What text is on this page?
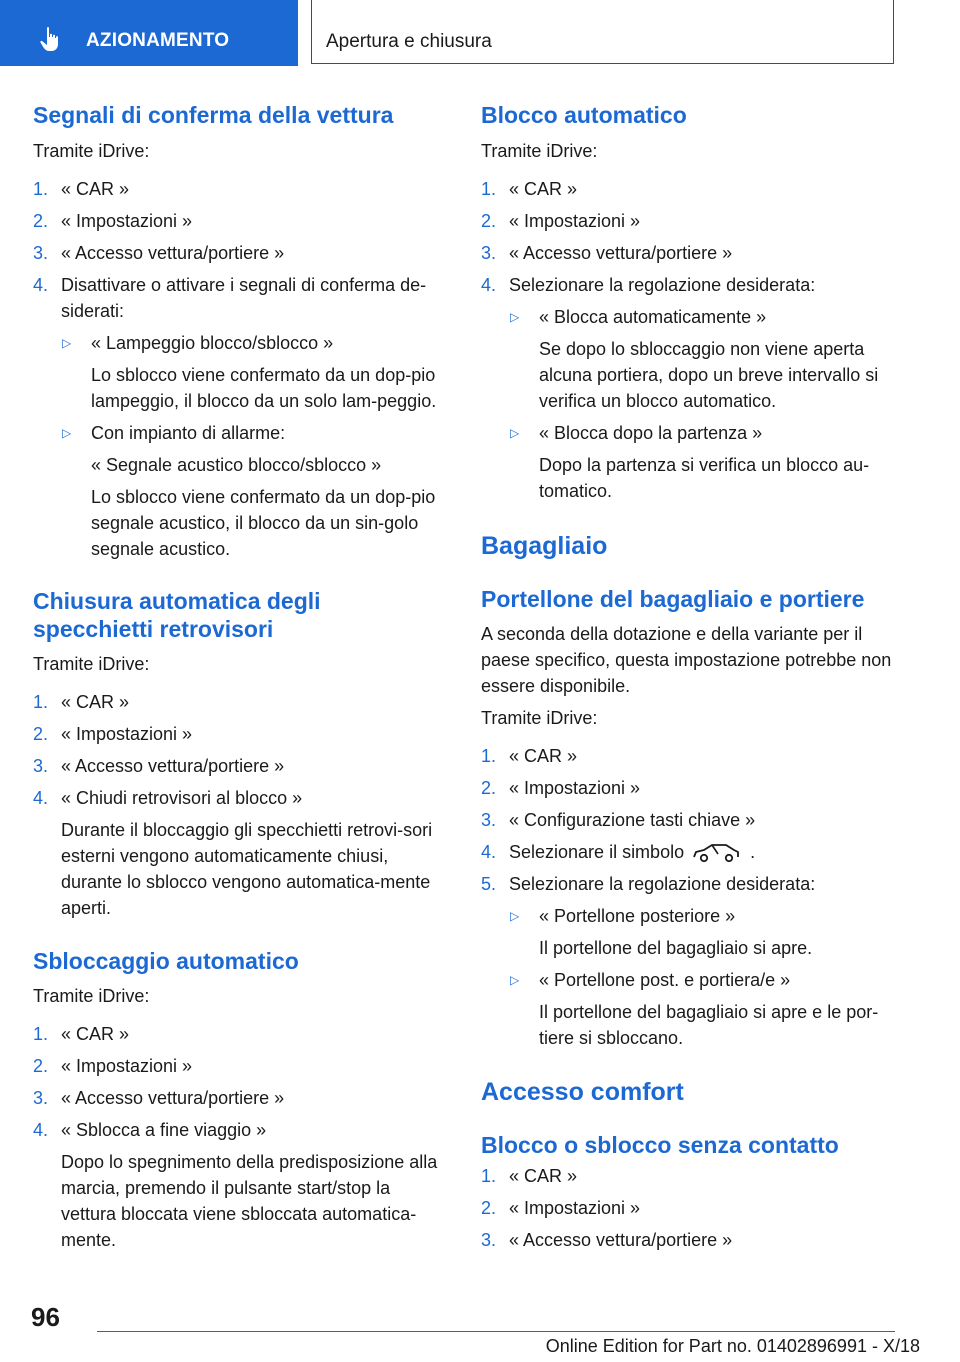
AZIONAMENTO	Apertura e chiusura
Segnali di conferma della vettura

Tramite iDrive:

1. « CAR »
2. « Impostazioni »
3. « Accesso vettura/portiere »
4. Disattivare o attivare i segnali di conferma de-siderati:
▷ « Lampeggio blocco/sblocco »
Lo sblocco viene confermato da un dop-pio lampeggio, il blocco da un solo lam-peggio.
▷ Con impianto di allarme:
« Segnale acustico blocco/sblocco »
Lo sblocco viene confermato da un dop-pio segnale acustico, il blocco da un sin-golo segnale acustico.
Chiusura automatica degli specchietti retrovisori

Tramite iDrive:

1. « CAR »
2. « Impostazioni »
3. « Accesso vettura/portiere »
4. « Chiudi retrovisori al blocco »
Durante il bloccaggio gli specchietti retrovi-sori esterni vengono automaticamente chiusi, durante lo sblocco vengono automatica-mente aperti.
Sbloccaggio automatico

Tramite iDrive:

1. « CAR »
2. « Impostazioni »
3. « Accesso vettura/portiere »
4. « Sblocca a fine viaggio »
Dopo lo spegnimento della predisposizione alla marcia, premendo il pulsante start/stop la vettura bloccata viene sbloccata automatica-mente.
Blocco automatico

Tramite iDrive:

1. « CAR »
2. « Impostazioni »
3. « Accesso vettura/portiere »
4. Selezionare la regolazione desiderata:
▷ « Blocca automaticamente »
Se dopo lo sbloccaggio non viene aperta alcuna portiera, dopo un breve intervallo si verifica un blocco automatico.
▷ « Blocca dopo la partenza »
Dopo la partenza si verifica un blocco au-tomatico.
Bagagliaio
Portellone del bagagliaio e portiere

A seconda della dotazione e della variante per il paese specifico, questa impostazione potrebbe non essere disponibile.

Tramite iDrive:

1. « CAR »
2. « Impostazioni »
3. « Configurazione tasti chiave »
4. Selezionare il simbolo	.
5. Selezionare la regolazione desiderata:
▷ « Portellone posteriore »
Il portellone del bagagliaio si apre.
▷ « Portellone post. e portiera/e »
Il portellone del bagagliaio si apre e le por-tiere si sbloccano.
Accesso comfort
Blocco o sblocco senza contatto
1. « CAR »
2. « Impostazioni »
3. « Accesso vettura/portiere »
96
Online Edition for Part no. 01402896991 - X/18
